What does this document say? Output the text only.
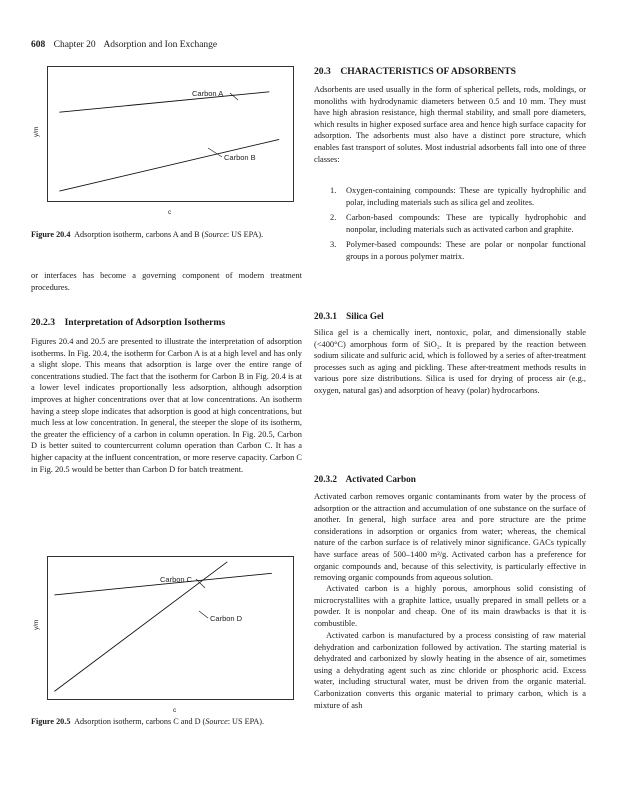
608 Chapter 20 Adsorption and Ion Exchange
y/m
c
Carbon A
Carbon B
Figure 20.4 Adsorption isotherm, carbons A and B (Source: US EPA).
or interfaces has become a governing component of modern treatment procedures.
20.2.3    Interpretation of Adsorption Isotherms
Figures 20.4 and 20.5 are presented to illustrate the interpretation of adsorption isotherms. In Fig. 20.4, the isotherm for Carbon A is at a high level and has only a slight slope. This means that adsorption is large over the entire range of concentrations studied. The fact that the isotherm for Carbon B in Fig. 20.4 is at a lower level indicates proportionally less adsorption, although adsorption improves at higher concentrations over that at low concentrations. An isotherm having a steep slope indicates that adsorption is good at high concentrations, but much less at low concentration. In general, the steeper the slope of its isotherm, the greater the efficiency of a carbon in column operation. In Fig. 20.5, Carbon D is better suited to countercurrent column operation than Carbon C. It has a higher capacity at the influent concentration, or more reserve capacity. Carbon C in Fig. 20.5 would be better than Carbon D for batch treatment.
y/m
c
Carbon C
Carbon D
Figure 20.5 Adsorption isotherm, carbons C and D (Source: US EPA).
20.3    CHARACTERISTICS OF ADSORBENTS
Adsorbents are used usually in the form of spherical pellets, rods, moldings, or monoliths with hydrodynamic diameters between 0.5 and 10 mm. They must have high abrasion resistance, high thermal stability, and small pore diameters, which results in higher exposed surface area and hence high surface capacity for adsorption. The adsorbents must also have a distinct pore structure, which enables fast transport of solutes. Most industrial adsorbents fall into one of three classes:
1. Oxygen-containing compounds: These are typically hydrophilic and polar, including materials such as silica gel and zeolites.
2. Carbon-based compounds: These are typically hydrophobic and nonpolar, including materials such as activated carbon and graphite.
3. Polymer-based compounds: These are polar or nonpolar functional groups in a porous polymer matrix.
20.3.1    Silica Gel
Silica gel is a chemically inert, nontoxic, polar, and dimensionally stable (<400°C) amorphous form of SiO₂. It is prepared by the reaction between sodium silicate and sulfuric acid, which is followed by a series of after-treatment processes such as aging and pickling. These after-treatment methods results in various pore size distributions. Silica is used for drying of process air (e.g., oxygen, natural gas) and adsorption of heavy (polar) hydrocarbons.
20.3.2    Activated Carbon
Activated carbon removes organic contaminants from water by the process of adsorption or the attraction and accumulation of one substance on the surface of another. In general, high surface area and pore structure are the prime considerations in adsorption or organics from water; whereas, the chemical nature of the carbon surface is of relatively minor significance. GACs typically have surface areas of 500–1400 m²/g. Activated carbon has a preference for organic compounds and, because of this selectivity, is particularly effective in removing organic compounds from aqueous solution.
Activated carbon is a highly porous, amorphous solid consisting of microcrystallites with a graphite lattice, usually prepared in small pellets or a powder. It is nonpolar and cheap. One of its main drawbacks is that it is combustible.
Activated carbon is manufactured by a process consisting of raw material dehydration and carbonization followed by activation. The starting material is dehydrated and carbonized by slowly heating in the absence of air, sometimes using a dehydrating agent such as zinc chloride or phosphoric acid. Excess water, including structural water, must be driven from the organic material. Carbonization converts this organic material to primary carbon, which is a mixture of ash
